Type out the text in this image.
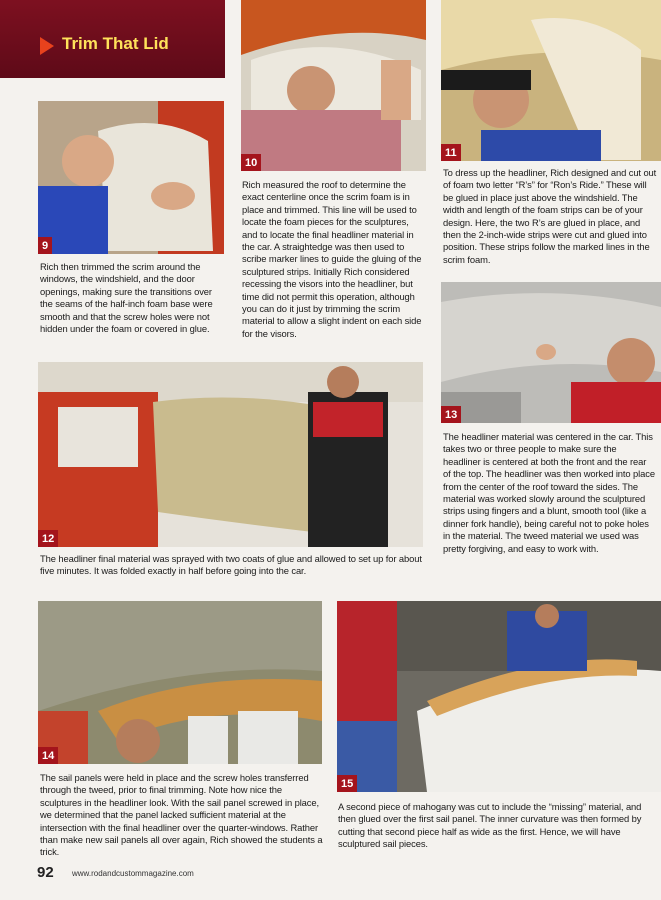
Trim That Lid
9
10
11
12
13
14
15
Rich then trimmed the scrim around the windows, the windshield, and the door openings, making sure the transitions over the seams of the half-inch foam base were smooth and that the screw holes were not hidden under the foam or covered in glue.
Rich measured the roof to determine the exact centerline once the scrim foam is in place and trimmed. This line will be used to locate the foam pieces for the sculptures, and to locate the final headliner material in the car. A straightedge was then used to scribe marker lines to guide the gluing of the sculptured strips. Initially Rich considered recessing the visors into the headliner, but time did not permit this operation, although you can do it just by trimming the scrim material to allow a slight indent on each side for the visors.
To dress up the headliner, Rich designed and cut out of foam two letter “R’s” for “Ron’s Ride.” These will be glued in place just above the windshield. The width and length of the foam strips can be of your design. Here, the two R’s are glued in place, and then the 2-inch-wide strips were cut and glued into position. These strips follow the marked lines in the scrim foam.
The headliner final material was sprayed with two coats of glue and allowed to set up for about five minutes. It was folded exactly in half before going into the car.
The headliner material was centered in the car. This takes two or three people to make sure the headliner is centered at both the front and the rear of the top. The headliner was then worked into place from the center of the roof toward the sides. The material was worked slowly around the sculptured strips using fingers and a blunt, smooth tool (like a dinner fork handle), being careful not to poke holes in the material. The tweed material we used was pretty forgiving, and easy to work with.
The sail panels were held in place and the screw holes transferred through the tweed, prior to final trimming. Note how nice the sculptures in the headliner look. With the sail panel screwed in place, we determined that the panel lacked sufficient material at the intersection with the final headliner over the quarter-windows. Rather than make new sail panels all over again, Rich showed the students a trick.
A second piece of mahogany was cut to include the “missing” material, and then glued over the first sail panel. The inner curvature was then formed by cutting that second piece half as wide as the first. Hence, we will have sculptured sail pieces.
92 www.rodandcustommagazine.com
